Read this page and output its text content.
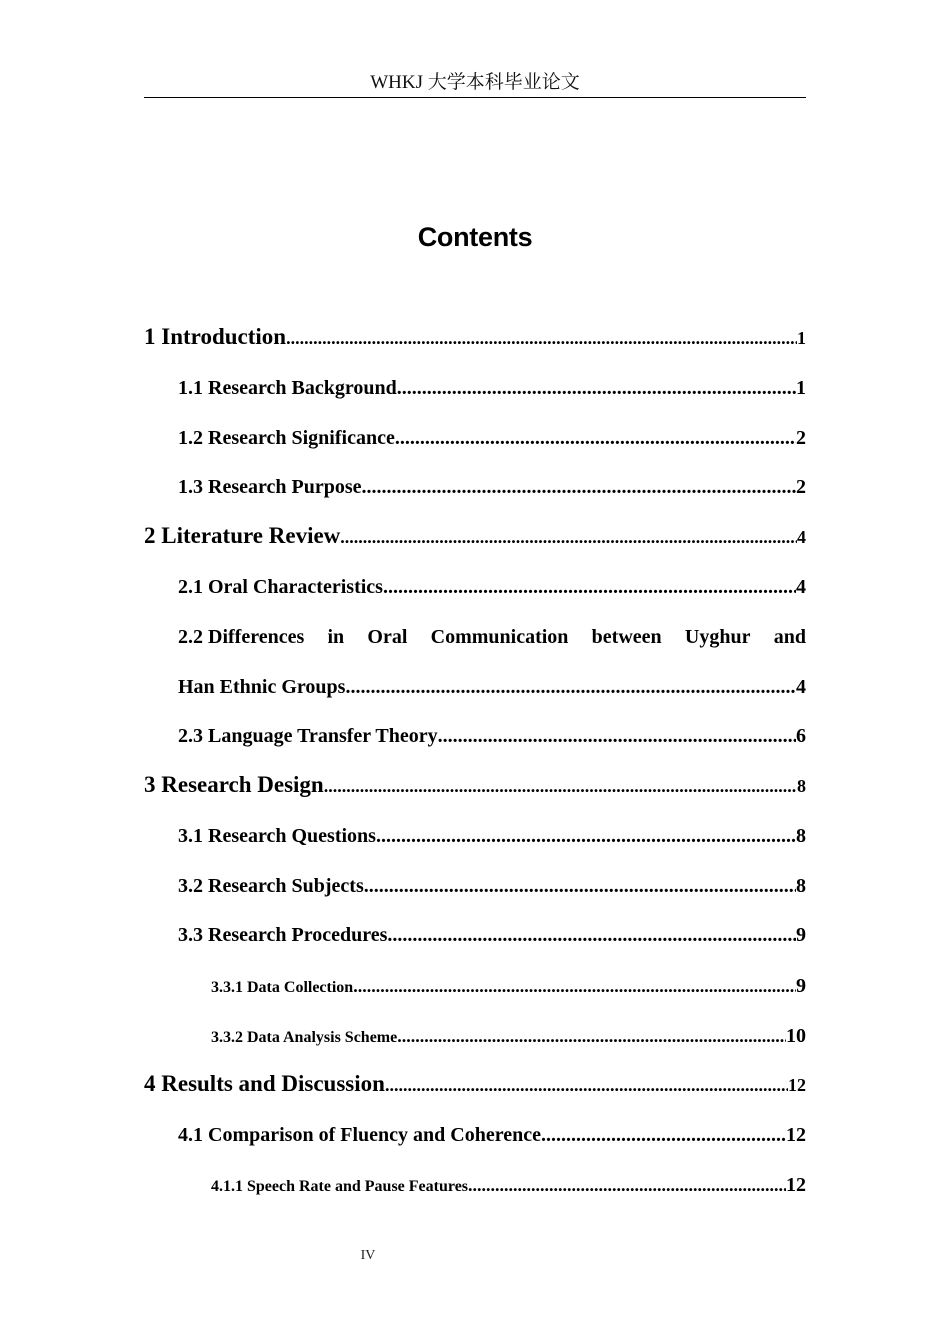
WHKJ 大学本科毕业论文
Contents
1 Introduction .....	1
1.1 Research Background .....	1
1.2 Research Significance .....	2
1.3 Research Purpose .....	2
2 Literature Review .....	4
2.1 Oral Characteristics .....	4
2.2 Differences in Oral Communication between Uyghur and
Han Ethnic Groups .....	4
2.3 Language Transfer Theory .....	6
3 Research Design .....	8
3.1 Research Questions .....	8
3.2 Research Subjects .....	8
3.3 Research Procedures .....	9
3.3.1 Data Collection .....	9
3.3.2 Data Analysis Scheme .....	10
4 Results and Discussion .....	12
4.1 Comparison of Fluency and Coherence .....	12
4.1.1 Speech Rate and Pause Features .....	12
IV
